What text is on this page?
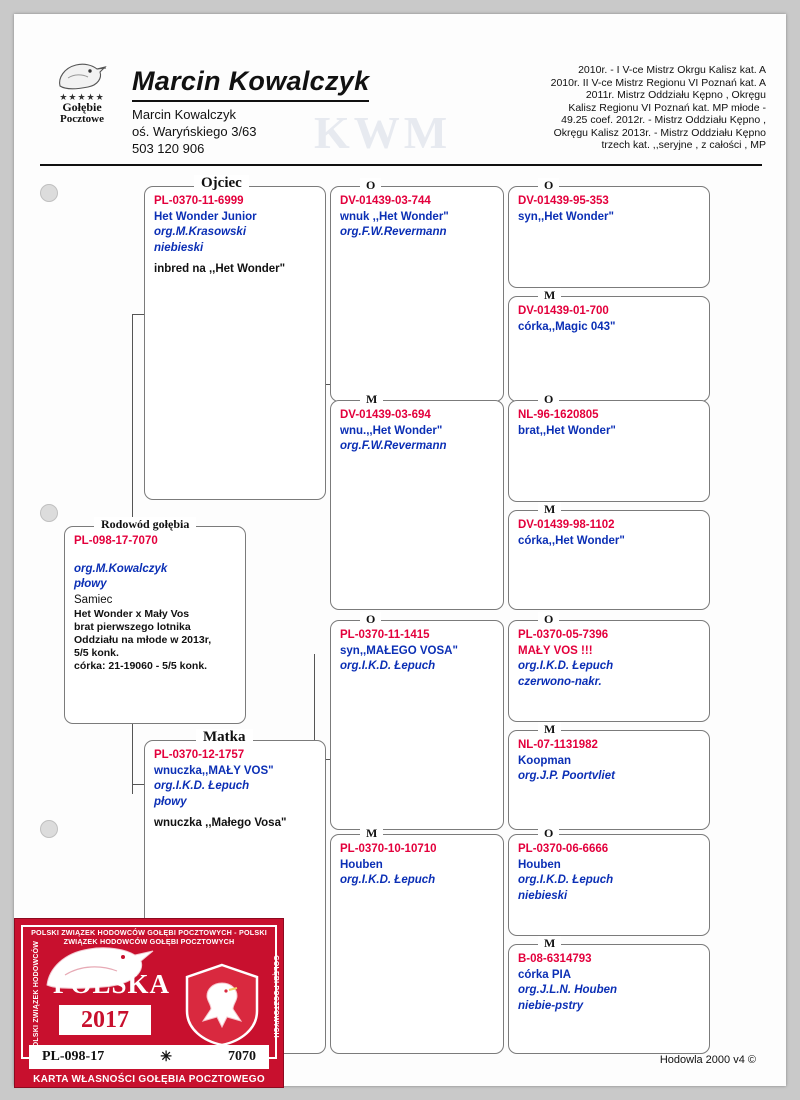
KWM
★★★★★
Gołębie
Pocztowe
Marcin Kowalczyk
Marcin Kowalczyk
oś. Waryńskiego 3/63
503 120 906
2010r. - I V-ce Mistrz Okrgu Kalisz kat. A
2010r. II V-ce Mistrz Regionu VI Poznań kat. A
2011r. Mistrz Oddziału Kępno , Okręgu
Kalisz Regionu VI Poznań kat. MP młode -
49.25 coef. 2012r. - Mistrz Oddziału Kępno ,
Okręgu Kalisz 2013r. - Mistrz Oddziału Kępno
trzech kat. ,,seryjne , z całości , MP
PL-098-17-7070
org.M.Kowalczyk
płowy
Samiec
Het Wonder x Mały Vos
brat pierwszego lotnika
Oddziału na młode w 2013r,
5/5 konk.
córka: 21-19060 - 5/5 konk.
Rodowód gołębia
PL-0370-11-6999
Het Wonder Junior
org.M.Krasowski
niebieski
inbred na ,,Het Wonder"
Ojciec
PL-0370-12-1757
wnuczka,,MAŁY VOS"
org.I.K.D. Łepuch
płowy
wnuczka ,,Małego Vosa"
Matka
DV-01439-03-744
wnuk ,,Het Wonder"
org.F.W.Revermann
O
DV-01439-03-694
wnu.,,Het Wonder"
org.F.W.Revermann
M
PL-0370-11-1415
syn,,MAŁEGO VOSA"
org.I.K.D. Łepuch
O
PL-0370-10-10710
Houben
org.I.K.D. Łepuch
M
DV-01439-95-353
syn,,Het Wonder"
O
DV-01439-01-700
córka,,Magic 043"
M
NL-96-1620805
brat,,Het Wonder"
O
DV-01439-98-1102
córka,,Het Wonder"
M
PL-0370-05-7396
MAŁY VOS !!!
org.I.K.D. Łepuch
czerwono-nakr.
O
NL-07-1131982
Koopman
org.J.P. Poortvliet
M
PL-0370-06-6666
Houben
org.I.K.D. Łepuch
niebieski
O
B-08-6314793
córka PIA
org.J.L.N. Houben
niebie-pstry
M
Hodowla 2000 v4 ©
POLSKI ZWIĄZEK HODOWCÓW GOŁĘBI POCZTOWYCH - POLSKI ZWIĄZEK HODOWCÓW GOŁĘBI POCZTOWYCH
POLSKA
2017
PL-098-17	✳	7070
POLSKI ZWIĄZEK HODOWCÓW	GOŁĘBI POCZTOWYCH
KARTA WŁASNOŚCI GOŁĘBIA POCZTOWEGO
